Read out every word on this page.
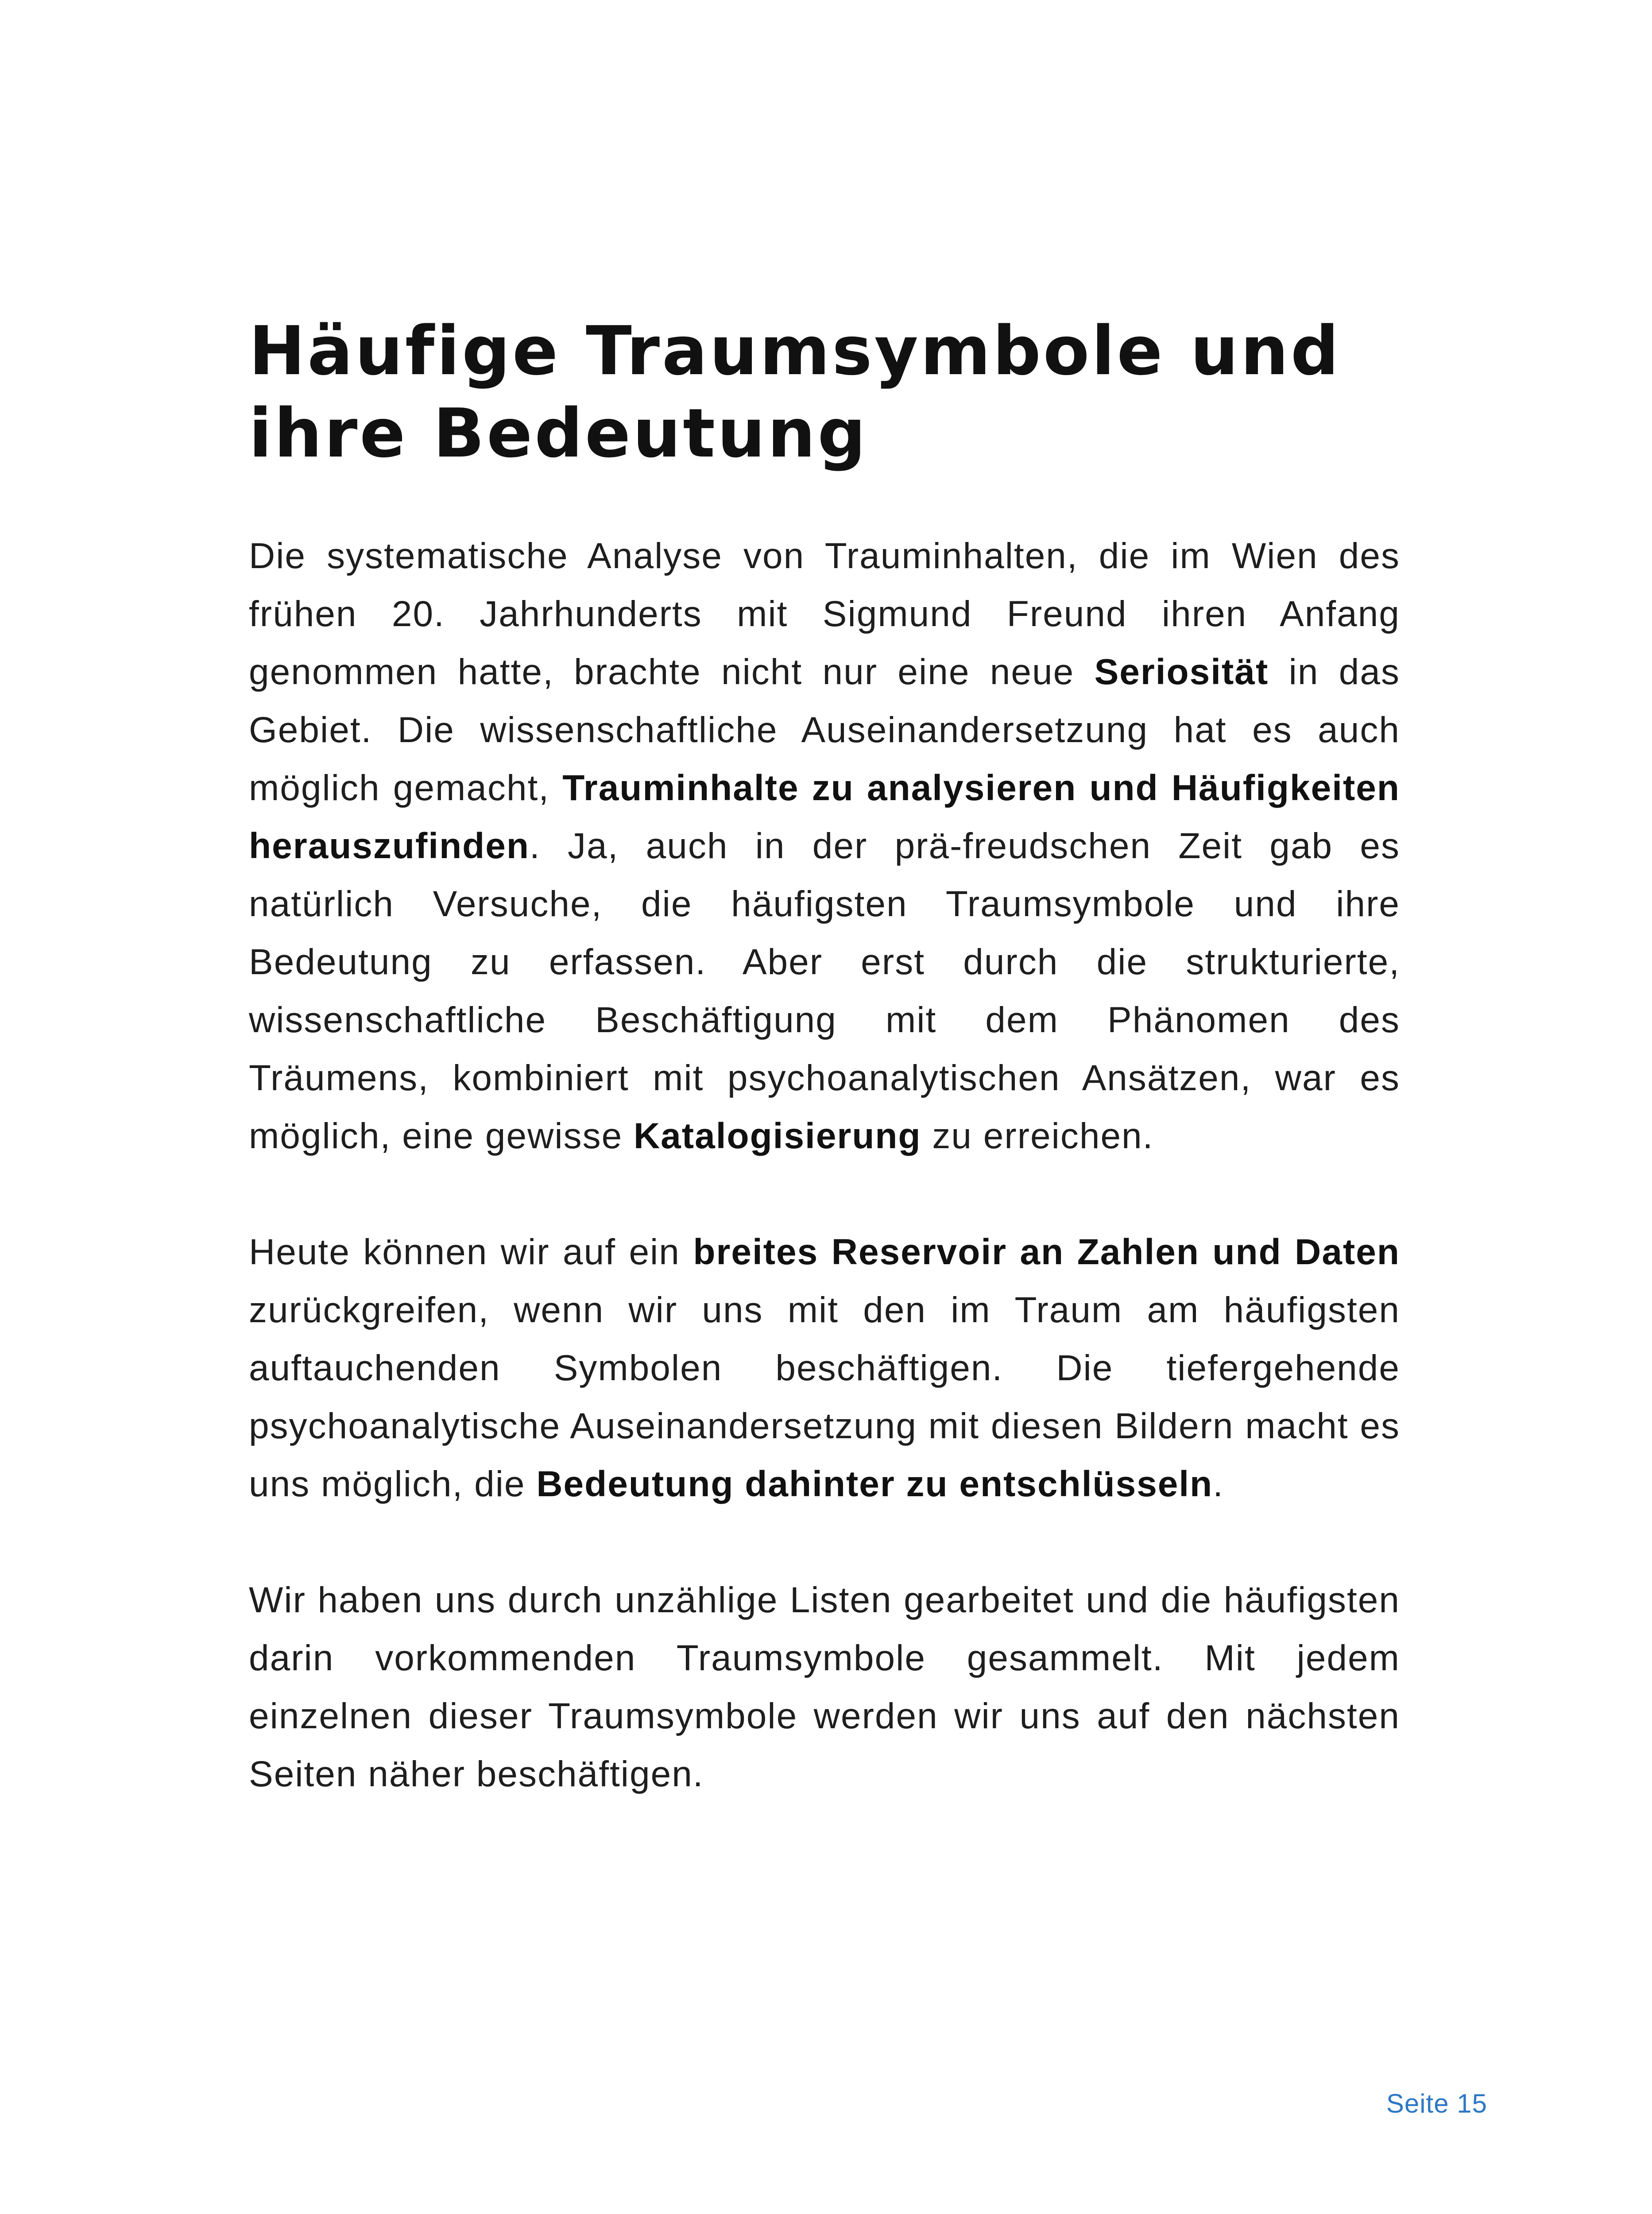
Häufige Traumsymbole und
ihre Bedeutung

Die systematische Analyse von Trauminhalten, die im Wien des frühen 20. Jahrhunderts mit Sigmund Freund ihren Anfang genommen hatte, brachte nicht nur eine neue Seriosität in das Gebiet. Die wissenschaftliche Auseinandersetzung hat es auch möglich gemacht, Trauminhalte zu analysieren und Häufigkeiten herauszufinden. Ja, auch in der prä-freudschen Zeit gab es natürlich Versuche, die häufigsten Traumsymbole und ihre Bedeutung zu erfassen. Aber erst durch die strukturierte, wissenschaftliche Beschäftigung mit dem Phänomen des Träumens, kombiniert mit psychoanalytischen Ansätzen, war es möglich, eine gewisse Katalogisierung zu erreichen.

Heute können wir auf ein breites Reservoir an Zahlen und Daten zurückgreifen, wenn wir uns mit den im Traum am häufigsten auftauchenden Symbolen beschäftigen. Die tiefergehende psychoanalytische Auseinandersetzung mit diesen Bildern macht es uns möglich, die Bedeutung dahinter zu entschlüsseln.

Wir haben uns durch unzählige Listen gearbeitet und die häufigsten darin vorkommenden Traumsymbole gesammelt. Mit jedem einzelnen dieser Traumsymbole werden wir uns auf den nächsten Seiten näher beschäftigen.

Seite 15
